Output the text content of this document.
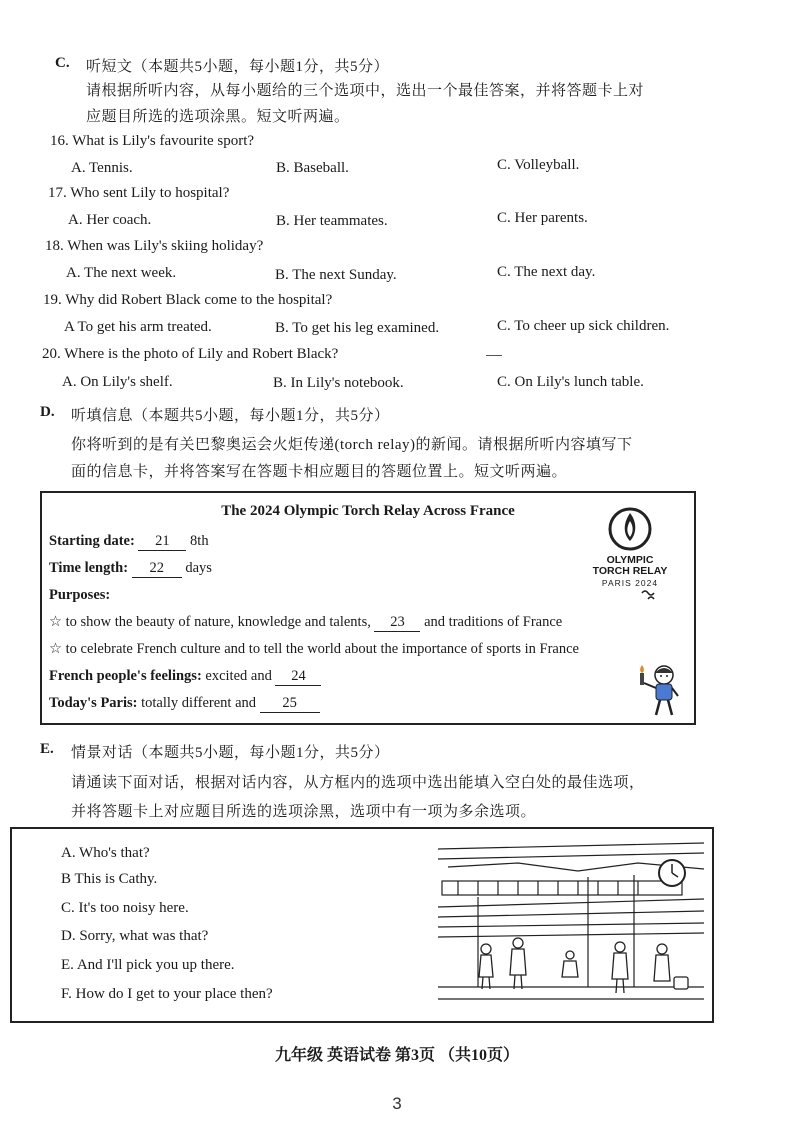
C. 听短文（本题共5小题，每小题1分，共5分）
请根据所听内容，从每小题给的三个选项中，选出一个最佳答案，并将答题卡上对
应题目所选的选项涂黑。短文听两遍。
16. What is Lily's favourite sport?
A. Tennis.	B. Baseball.	C. Volleyball.
17. Who sent Lily to hospital?
A. Her coach.	B. Her teammates.	C. Her parents.
18. When was Lily's skiing holiday?
A. The next week.	B. The next Sunday.	C. The next day.
19. Why did Robert Black come to the hospital?
A To get his arm treated.	B. To get his leg examined.	C. To cheer up sick children.
20. Where is the photo of Lily and Robert Black?
A. On Lily's shelf.	B. In Lily's notebook.	C. On Lily's lunch table.
D. 听填信息（本题共5小题，每小题1分，共5分）
你将听到的是有关巴黎奥运会火炬传递(torch relay)的新闻。请根据所听内容填写下
面的信息卡，并将答案写在答题卡相应题目的答题位置上。短文听两遍。
The 2024 Olympic Torch Relay Across France
OLYMPIC
TORCH RELAY
PARIS 2024
Starting date: 21 8th
Time length: 22 days
Purposes:
☆ to show the beauty of nature, knowledge and talents, 23 and traditions of France
☆ to celebrate French culture and to tell the world about the importance of sports in France
French people's feelings: excited and 24
Today's Paris: totally different and 25
E. 情景对话（本题共5小题，每小题1分，共5分）
请通读下面对话，根据对话内容，从方框内的选项中选出能填入空白处的最佳选项，
并将答题卡上对应题目所选的选项涂黑，选项中有一项为多余选项。
A. Who's that?
B This is Cathy.
C. It's too noisy here.
D. Sorry, what was that?
E. And I'll pick you up there.
F. How do I get to your place then?
九年级 英语试卷 第3页 （共10页）
3
